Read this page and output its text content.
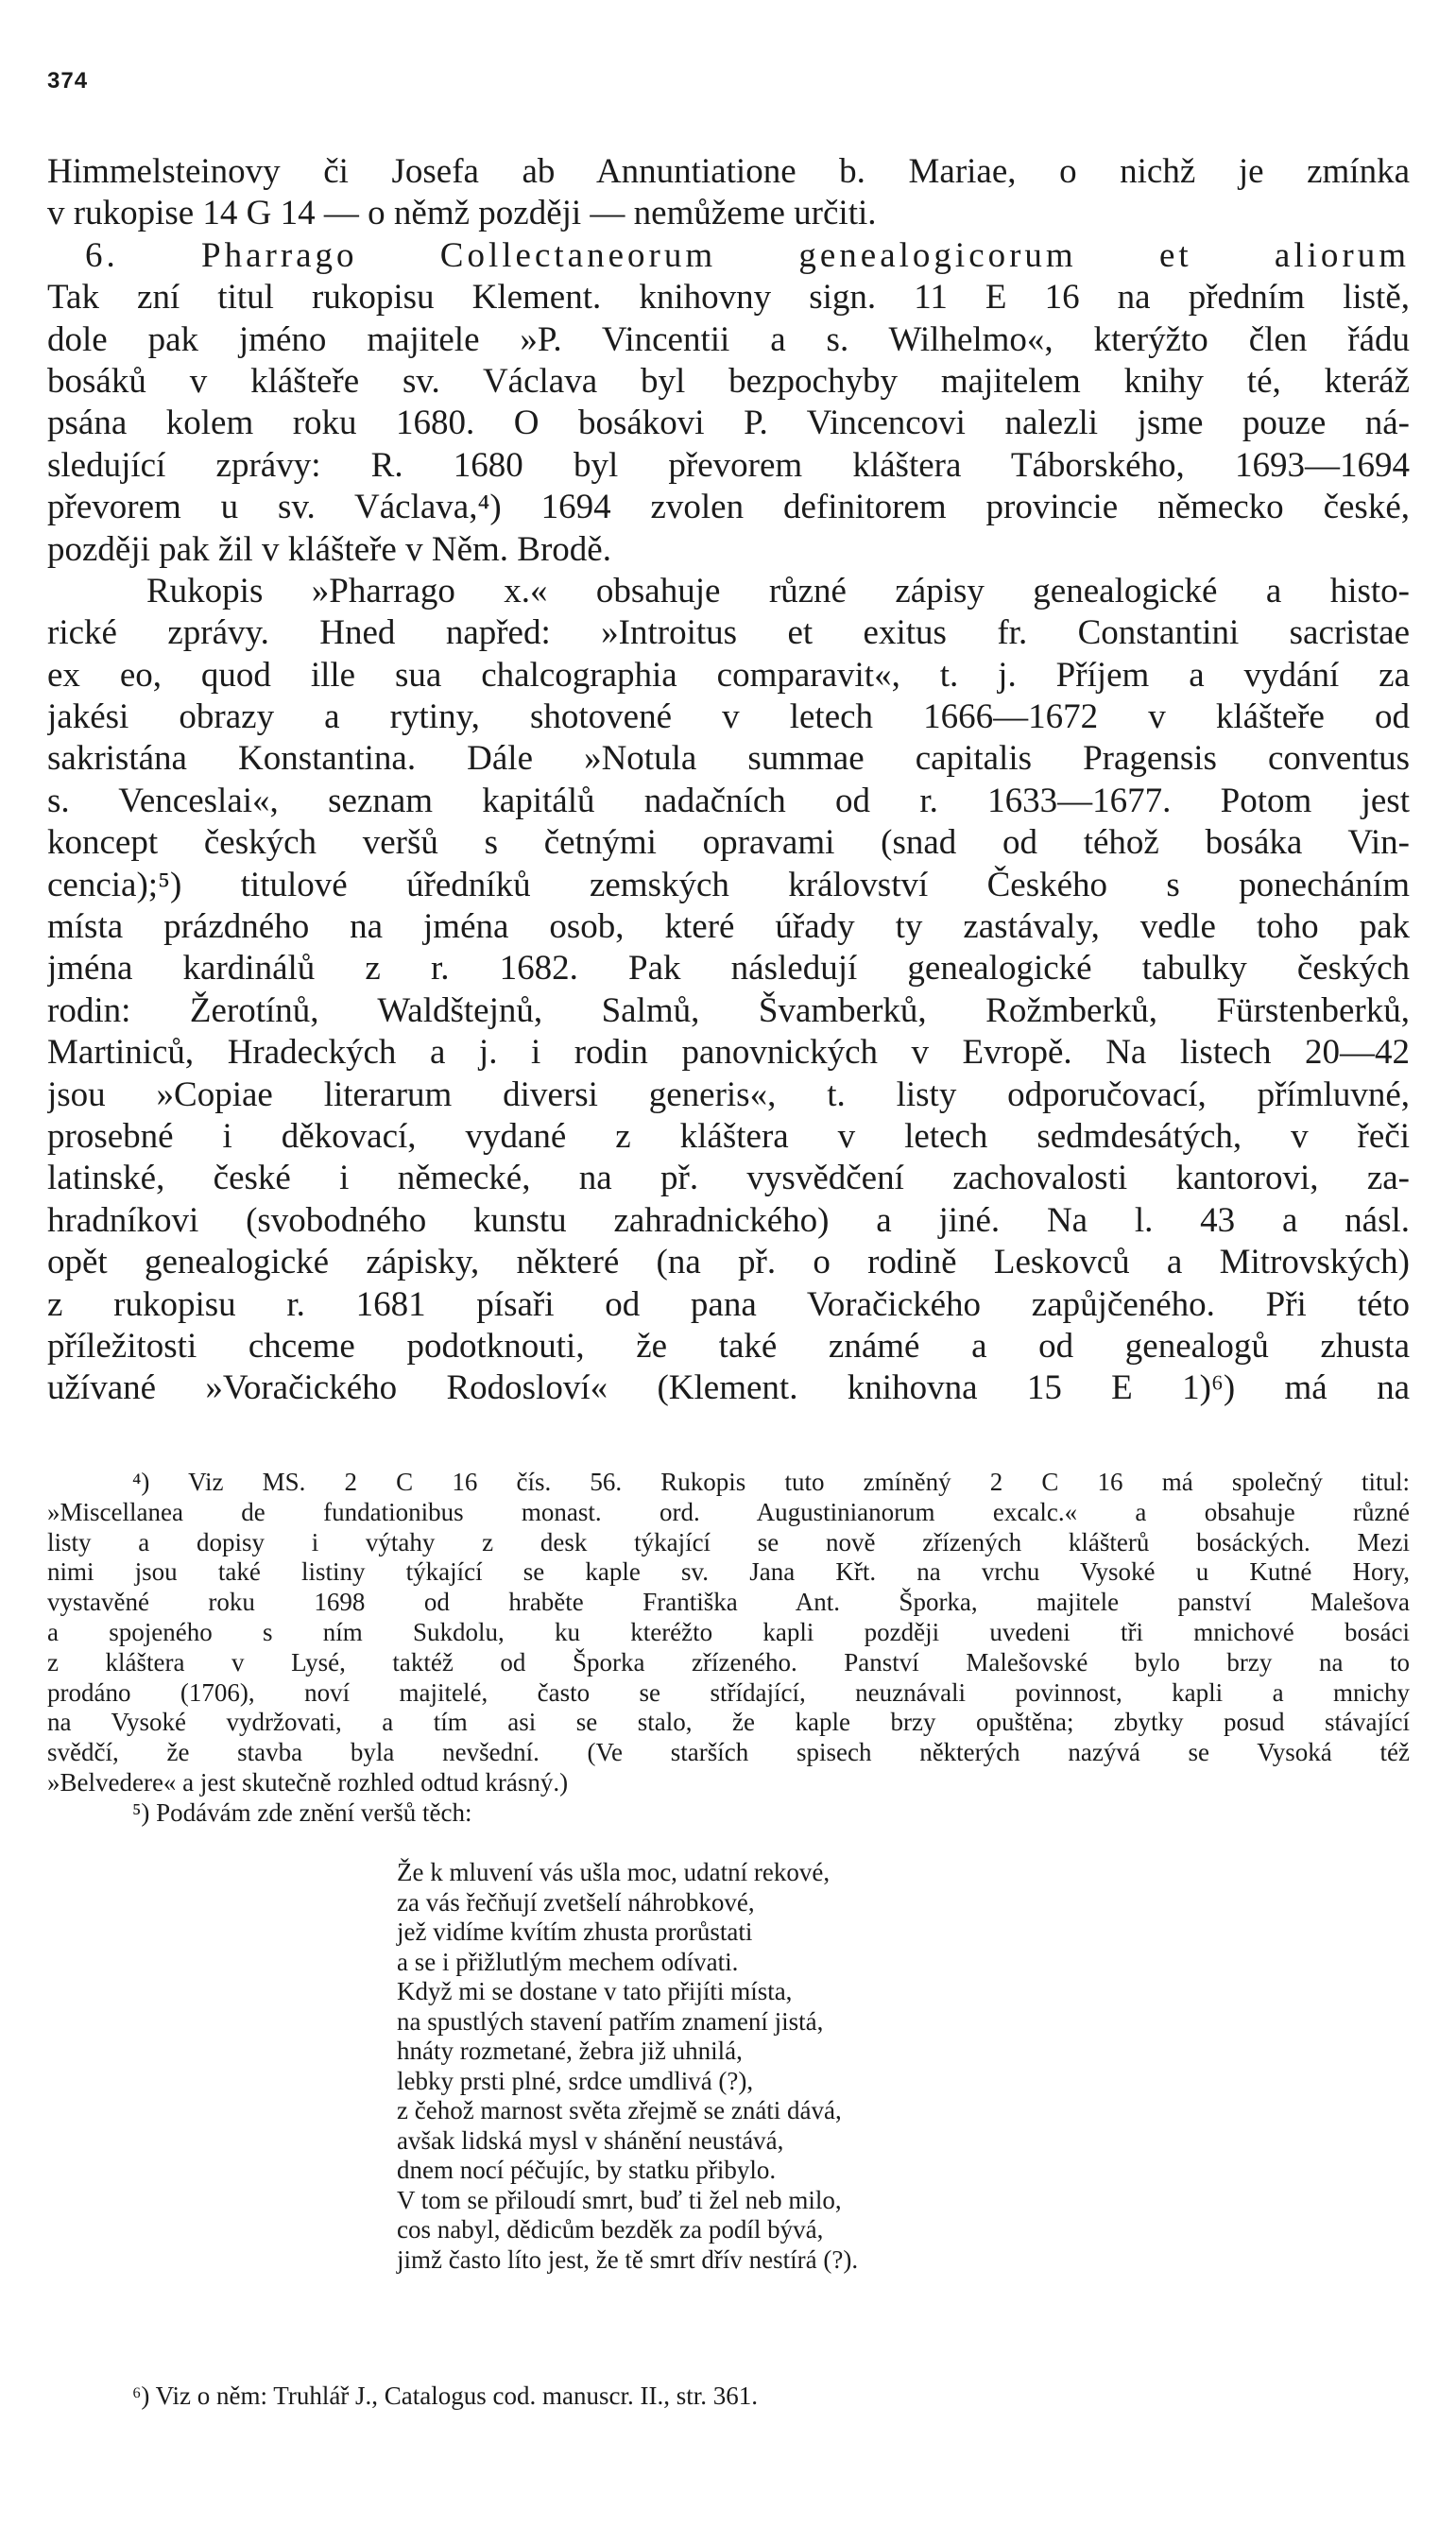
374
Himmelsteinovy či Josefa ab Annuntiatione b. Mariae, o nichž je zmínka
v rukopise 14 G 14 — o němž později — nemůžeme určiti.
6. Pharrago Collectaneorum genealogicorum et aliorum
Tak zní titul rukopisu Klement. knihovny sign. 11 E 16 na předním listě,
dole pak jméno majitele »P. Vincentii a s. Wilhelmo«, kterýžto člen řádu
bosáků v klášteře sv. Václava byl bezpochyby majitelem knihy té, kteráž
psána kolem roku 1680. O bosákovi P. Vincencovi nalezli jsme pouze ná-
sledující zprávy: R. 1680 byl převorem kláštera Táborského, 1693—1694
převorem u sv. Václava,⁴) 1694 zvolen definitorem provincie německo české,
později pak žil v klášteře v Něm. Brodě.
Rukopis »Pharrago x.« obsahuje různé zápisy genealogické a histo-
rické zprávy. Hned napřed: »Introitus et exitus fr. Constantini sacristae
ex eo, quod ille sua chalcographia comparavit«, t. j. Příjem a vydání za
jakési obrazy a rytiny, shotovené v letech 1666—1672 v klášteře od
sakristána Konstantina. Dále »Notula summae capitalis Pragensis conventus
s. Venceslai«, seznam kapitálů nadačních od r. 1633—1677. Potom jest
koncept českých veršů s četnými opravami (snad od téhož bosáka Vin-
cencia);⁵) titulové úředníků zemských království Českého s ponecháním
místa prázdného na jména osob, které úřady ty zastávaly, vedle toho pak
jména kardinálů z r. 1682. Pak následují genealogické tabulky českých
rodin: Žerotínů, Waldštejnů, Salmů, Švamberků, Rožmberků, Fürstenberků,
Martiniců, Hradeckých a j. i rodin panovnických v Evropě. Na listech 20—42
jsou »Copiae literarum diversi generis«, t. listy odporučovací, přímluvné,
prosebné i děkovací, vydané z kláštera v letech sedmdesátých, v řeči
latinské, české i německé, na př. vysvědčení zachovalosti kantorovi, za-
hradníkovi (svobodného kunstu zahradnického) a jiné. Na l. 43 a násl.
opět genealogické zápisky, některé (na př. o rodině Leskovců a Mitrovských)
z rukopisu r. 1681 písaři od pana Voračického zapůjčeného. Při této
příležitosti chceme podotknouti, že také známé a od genealogů zhusta
užívané »Voračického Rodosloví« (Klement. knihovna 15 E 1)⁶) má na
⁴) Viz MS. 2 C 16 čís. 56. Rukopis tuto zmíněný 2 C 16 má společný titul:
»Miscellanea de fundationibus monast. ord. Augustinianorum excalc.« a obsahuje různé
listy a dopisy i výtahy z desk týkající se nově zřízených klášterů bosáckých. Mezi
nimi jsou také listiny týkající se kaple sv. Jana Křt. na vrchu Vysoké u Kutné Hory,
vystavěné roku 1698 od hraběte Františka Ant. Šporka, majitele panství Malešova
a spojeného s ním Sukdolu, ku kteréžto kapli později uvedeni tři mnichové bosáci
z kláštera v Lysé, taktéž od Šporka zřízeného. Panství Malešovské bylo brzy na to
prodáno (1706), noví majitelé, často se střídající, neuznávali povinnost, kapli a mnichy
na Vysoké vydržovati, a tím asi se stalo, že kaple brzy opuštěna; zbytky posud stávající
svědčí, že stavba byla nevšední. (Ve starších spisech některých nazývá se Vysoká též
»Belvedere« a jest skutečně rozhled odtud krásný.)
⁵) Podávám zde znění veršů těch:
Že k mluvení vás ušla moc, udatní rekové,
za vás řečňují zvetšelí náhrobkové,
jež vidíme kvítím zhusta prorůstati
a se i přižlutlým mechem odívati.
Když mi se dostane v tato přijíti místa,
na spustlých stavení patřím znamení jistá,
hnáty rozmetané, žebra již uhnilá,
lebky prsti plné, srdce umdlivá (?),
z čehož marnost světa zřejmě se znáti dává,
avšak lidská mysl v shánění neustává,
dnem nocí péčujíc, by statku přibylo.
V tom se přiloudí smrt, buď ti žel neb milo,
cos nabyl, dědicům bezděk za podíl bývá,
jimž často líto jest, že tě smrt dřív nestírá (?).
⁶) Viz o něm: Truhlář J., Catalogus cod. manuscr. II., str. 361.
